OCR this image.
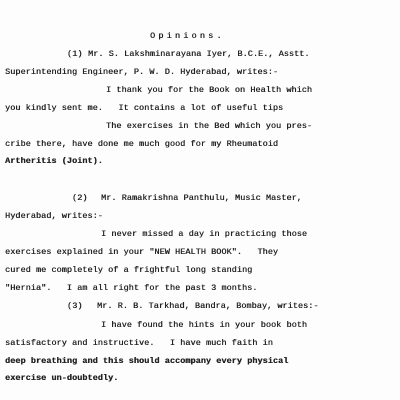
Opinions.
(1) Mr. S. Lakshminarayana Iyer, B.C.E., Asstt.
Superintending Engineer, P. W. D. Hyderabad, writes:-
I thank you for the Book on Health which
you kindly sent me.   It contains a lot of useful tips
The exercises in the Bed which you pres-
cribe there, have done me much good for my Rheumatoid
Artheritis (Joint).
(2) Mr. Ramakrishna Panthulu, Music Master,
Hyderabad, writes:-
I never missed a day in practicing those
exercises explained in your "NEW HEALTH BOOK".   They
cured me completely of a frightful long standing
"Hernia".   I am all right for the past 3 months.
(3) Mr. R. B. Tarkhad, Bandra, Bombay, writes:-
I have found the hints in your book both
satisfactory and instructive.   I have much faith in
deep breathing and this should accompany every physical
exercise un-doubtedly.
